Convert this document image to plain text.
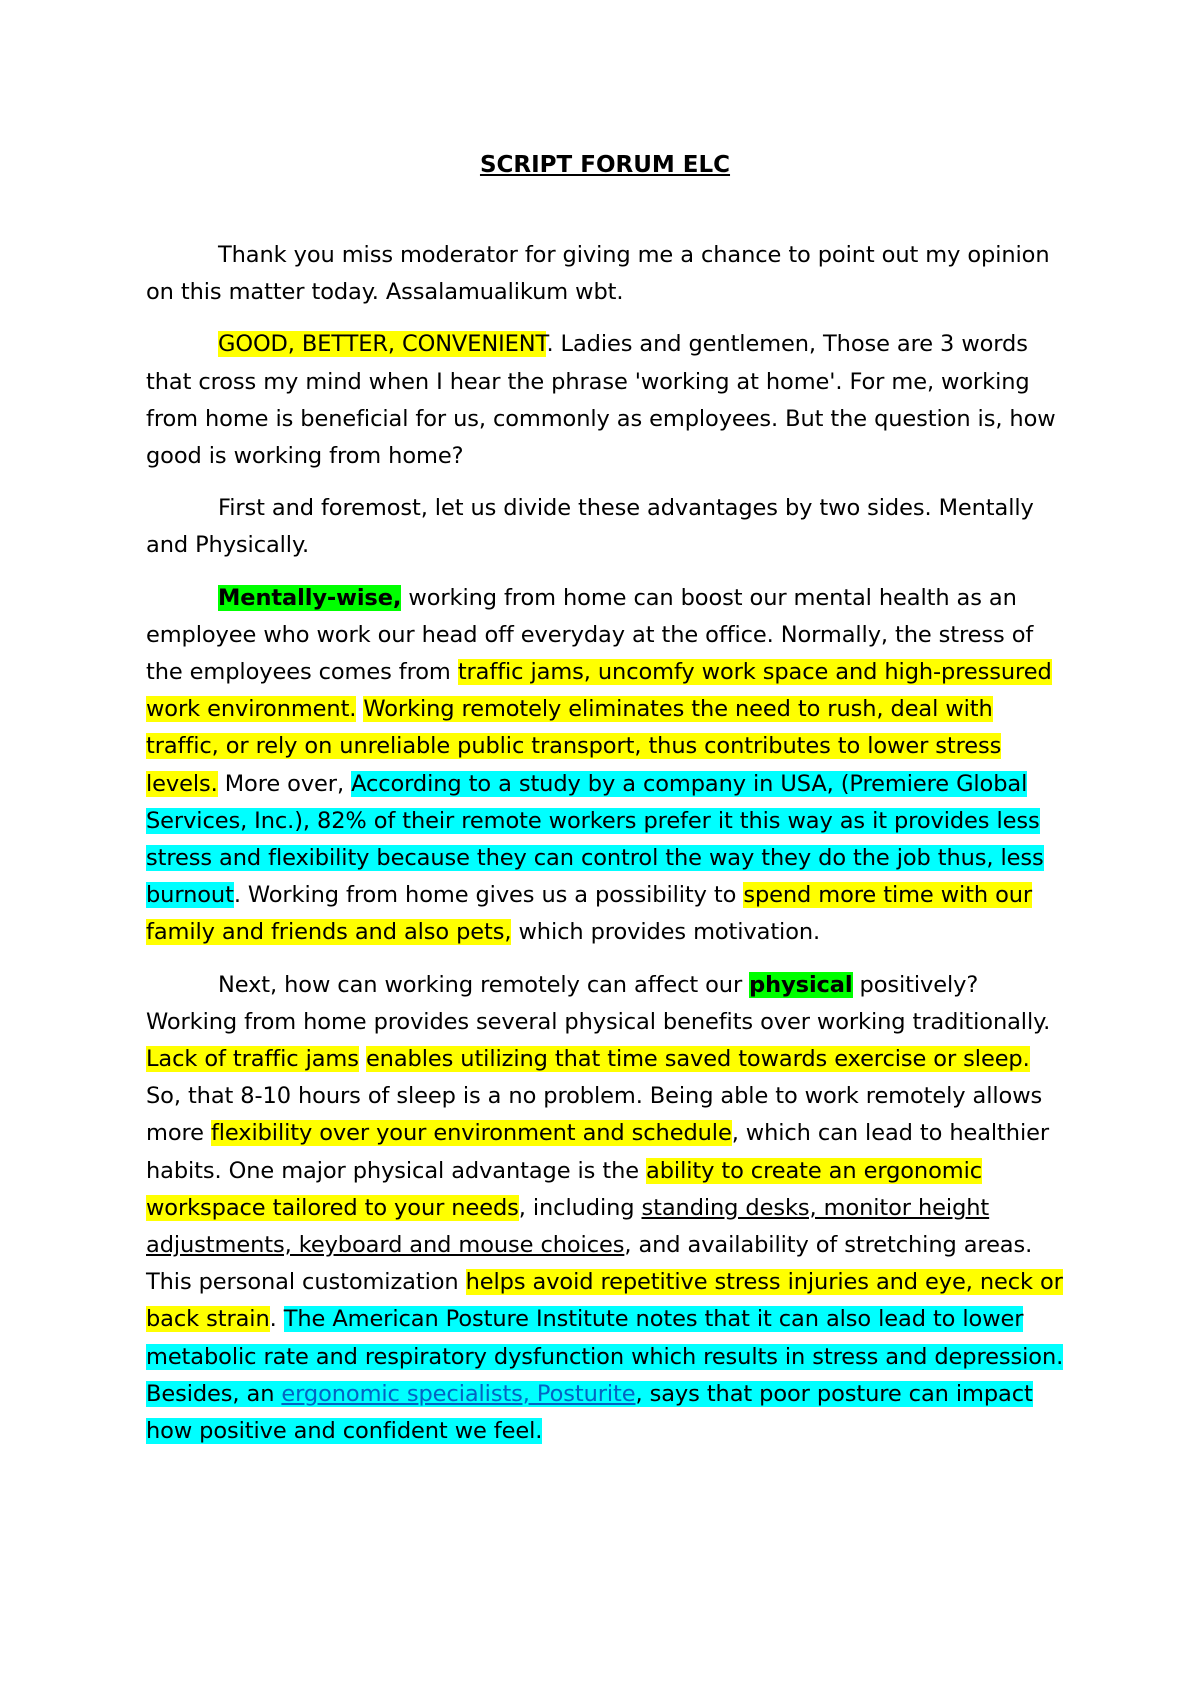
SCRIPT FORUM ELC

Thank you miss moderator for giving me a chance to point out my opinion on this matter today. Assalamualikum wbt.

GOOD, BETTER, CONVENIENT. Ladies and gentlemen, Those are 3 words that cross my mind when I hear the phrase 'working at home'. For me, working from home is beneficial for us, commonly as employees. But the question is, how good is working from home?

First and foremost, let us divide these advantages by two sides. Mentally and Physically.

Mentally-wise, working from home can boost our mental health as an employee who work our head off everyday at the office. Normally, the stress of the employees comes from traffic jams, uncomfy work space and high-pressured work environment. Working remotely eliminates the need to rush, deal with traffic, or rely on unreliable public transport, thus contributes to lower stress levels. More over, According to a study by a company in USA, (Premiere Global Services, Inc.), 82% of their remote workers prefer it this way as it provides less stress and flexibility because they can control the way they do the job thus, less burnout. Working from home gives us a possibility to spend more time with our family and friends and also pets, which provides motivation.

Next, how can working remotely can affect our physical positively? Working from home provides several physical benefits over working traditionally. Lack of traffic jams enables utilizing that time saved towards exercise or sleep. So, that 8-10 hours of sleep is a no problem. Being able to work remotely allows more flexibility over your environment and schedule, which can lead to healthier habits. One major physical advantage is the ability to create an ergonomic workspace tailored to your needs, including standing desks, monitor height adjustments, keyboard and mouse choices, and availability of stretching areas. This personal customization helps avoid repetitive stress injuries and eye, neck or back strain. The American Posture Institute notes that it can also lead to lower metabolic rate and respiratory dysfunction which results in stress and depression. Besides, an ergonomic specialists, Posturite, says that poor posture can impact how positive and confident we feel.
